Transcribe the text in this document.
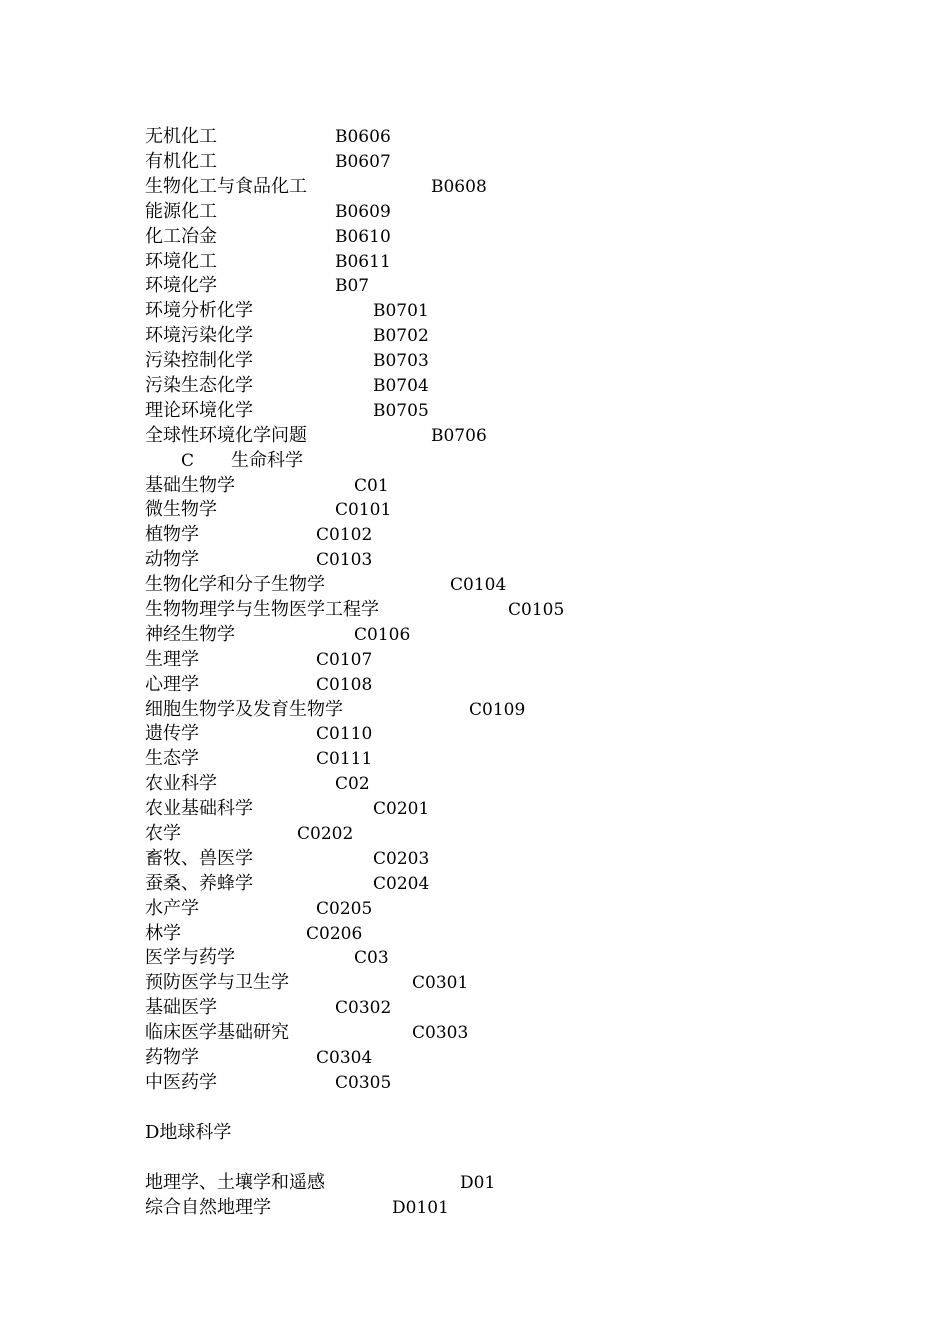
无机化工	B0606
有机化工	B0607
生物化工与食品化工	B0608
能源化工	B0609
化工冶金	B0610
环境化工	B0611
环境化学	B07
环境分析化学	B0701
环境污染化学	B0702
污染控制化学	B0703
污染生态化学	B0704
理论环境化学	B0705
全球性环境化学问题	B0706
C 生命科学
基础生物学	C01
微生物学	C0101
植物学	C0102
动物学	C0103
生物化学和分子生物学	C0104
生物物理学与生物医学工程学	C0105
神经生物学	C0106
生理学	C0107
心理学	C0108
细胞生物学及发育生物学	C0109
遗传学	C0110
生态学	C0111
农业科学	C02
农业基础科学	C0201
农学	C0202
畜牧、兽医学	C0203
蚕桑、养蜂学	C0204
水产学	C0205
林学	C0206
医学与药学	C03
预防医学与卫生学	C0301
基础医学	C0302
临床医学基础研究	C0303
药物学	C0304
中医药学	C0305
D地球科学
地理学、土壤学和遥感	D01
综合自然地理学	D0101
